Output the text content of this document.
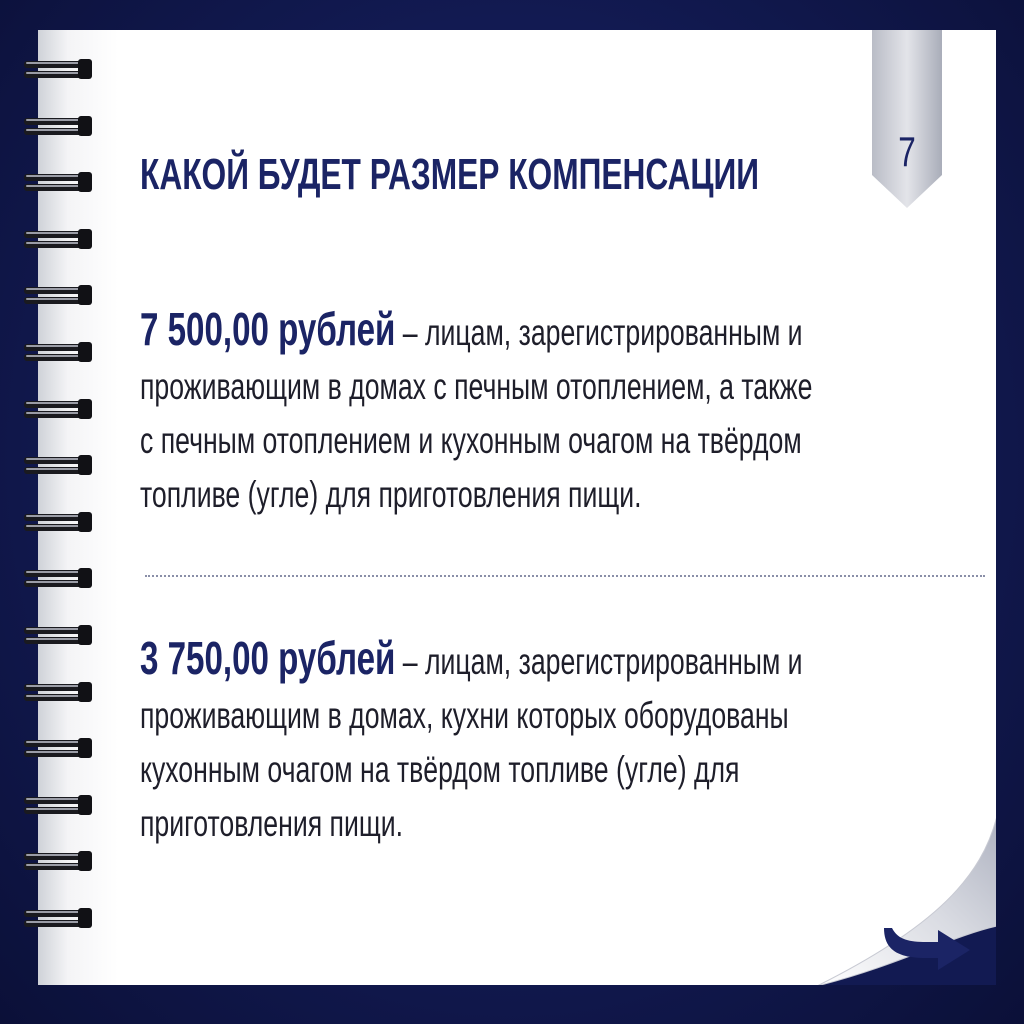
7
КАКОЙ БУДЕТ РАЗМЕР КОМПЕНСАЦИИ
7 500,00 рублей – лицам, зарегистрированным и
проживающим в домах с печным отоплением, а также
с печным отоплением и кухонным очагом на твёрдом
топливе (угле) для приготовления пищи.
3 750,00 рублей – лицам, зарегистрированным и
проживающим в домах, кухни которых оборудованы
кухонным очагом на твёрдом топливе (угле) для
приготовления пищи.
